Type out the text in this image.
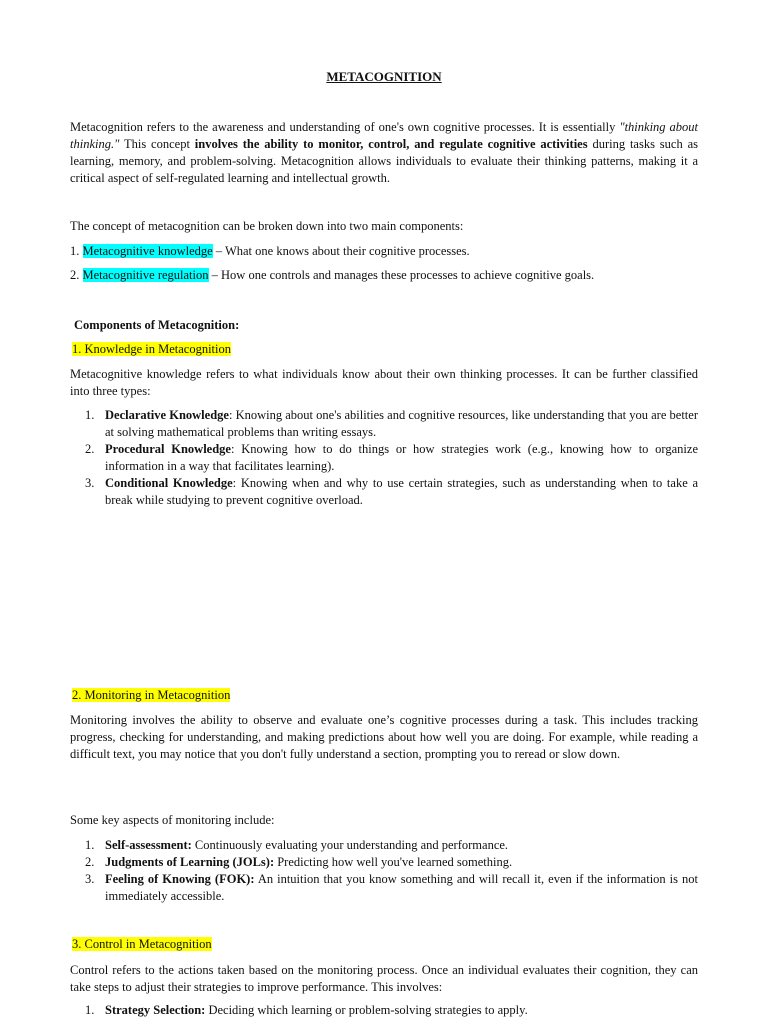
METACOGNITION
Metacognition refers to the awareness and understanding of one's own cognitive processes. It is essentially "thinking about thinking." This concept involves the ability to monitor, control, and regulate cognitive activities during tasks such as learning, memory, and problem-solving. Metacognition allows individuals to evaluate their thinking patterns, making it a critical aspect of self-regulated learning and intellectual growth.
The concept of metacognition can be broken down into two main components:
1. Metacognitive knowledge – What one knows about their cognitive processes.
2. Metacognitive regulation – How one controls and manages these processes to achieve cognitive goals.
Components of Metacognition:
1. Knowledge in Metacognition
Metacognitive knowledge refers to what individuals know about their own thinking processes. It can be further classified into three types:
1. Declarative Knowledge: Knowing about one's abilities and cognitive resources, like understanding that you are better at solving mathematical problems than writing essays.
2. Procedural Knowledge: Knowing how to do things or how strategies work (e.g., knowing how to organize information in a way that facilitates learning).
3. Conditional Knowledge: Knowing when and why to use certain strategies, such as understanding when to take a break while studying to prevent cognitive overload.
2. Monitoring in Metacognition
Monitoring involves the ability to observe and evaluate one’s cognitive processes during a task. This includes tracking progress, checking for understanding, and making predictions about how well you are doing. For example, while reading a difficult text, you may notice that you don't fully understand a section, prompting you to reread or slow down.
Some key aspects of monitoring include:
1. Self-assessment: Continuously evaluating your understanding and performance.
2. Judgments of Learning (JOLs): Predicting how well you've learned something.
3. Feeling of Knowing (FOK): An intuition that you know something and will recall it, even if the information is not immediately accessible.
3. Control in Metacognition
Control refers to the actions taken based on the monitoring process. Once an individual evaluates their cognition, they can take steps to adjust their strategies to improve performance. This involves:
1. Strategy Selection: Deciding which learning or problem-solving strategies to apply.
